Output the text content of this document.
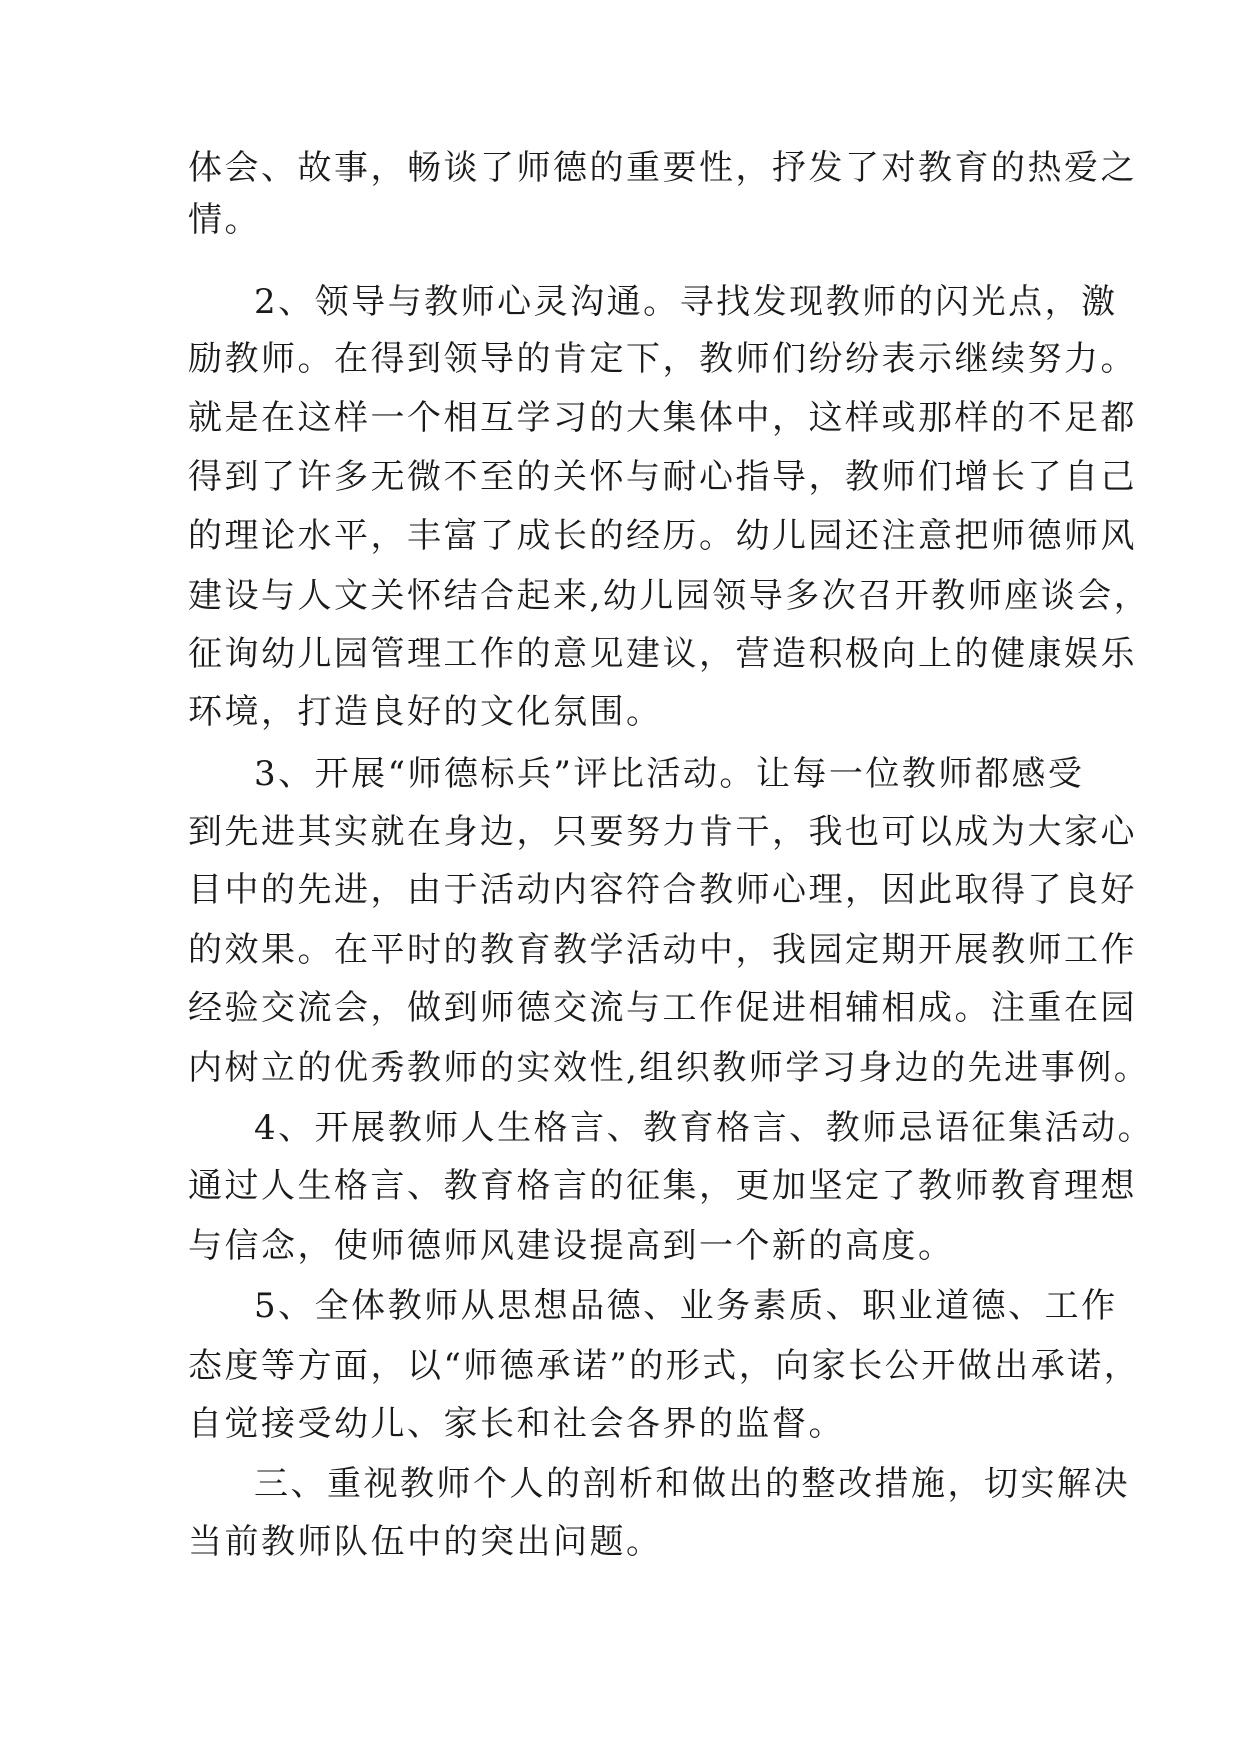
体会、故事，畅谈了师德的重要性，抒发了对教育的热爱之
情。
2、领导与教师心灵沟通。寻找发现教师的闪光点，激
励教师。在得到领导的肯定下，教师们纷纷表示继续努力。
就是在这样一个相互学习的大集体中，这样或那样的不足都
得到了许多无微不至的关怀与耐心指导，教师们增长了自己
的理论水平，丰富了成长的经历。幼儿园还注意把师德师风
建设与人文关怀结合起来,幼儿园领导多次召开教师座谈会，
征询幼儿园管理工作的意见建议，营造积极向上的健康娱乐
环境，打造良好的文化氛围。
3、开展“师德标兵”评比活动。让每一位教师都感受
到先进其实就在身边，只要努力肯干，我也可以成为大家心
目中的先进，由于活动内容符合教师心理，因此取得了良好
的效果。在平时的教育教学活动中，我园定期开展教师工作
经验交流会，做到师德交流与工作促进相辅相成。注重在园
内树立的优秀教师的实效性,组织教师学习身边的先进事例。
4、开展教师人生格言、教育格言、教师忌语征集活动。
通过人生格言、教育格言的征集，更加坚定了教师教育理想
与信念，使师德师风建设提高到一个新的高度。
5、全体教师从思想品德、业务素质、职业道德、工作
态度等方面，以“师德承诺”的形式，向家长公开做出承诺，
自觉接受幼儿、家长和社会各界的监督。
三、重视教师个人的剖析和做出的整改措施，切实解决
当前教师队伍中的突出问题。
